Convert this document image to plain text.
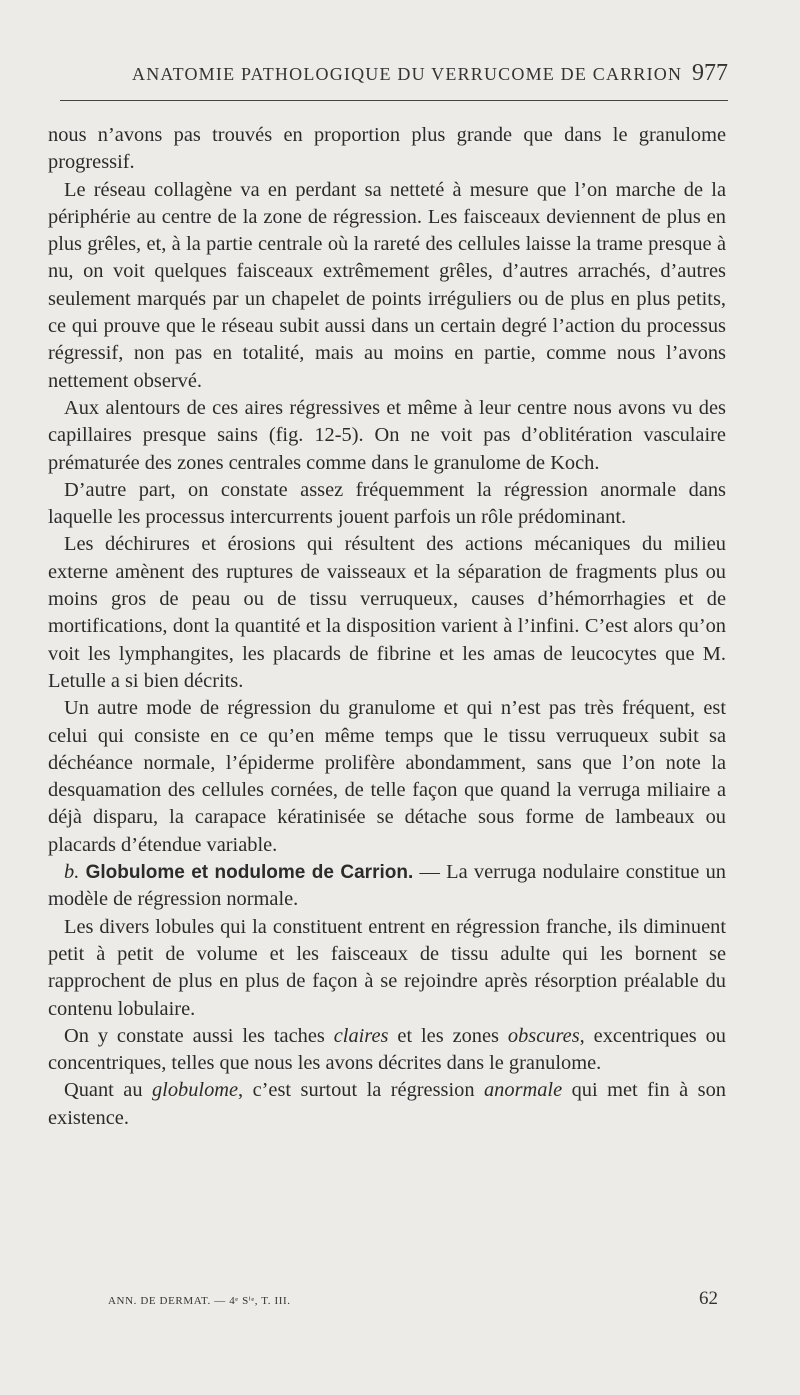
ANATOMIE PATHOLOGIQUE DU VERRUCOME DE CARRION 977

nous n’avons pas trouvés en proportion plus grande que dans le granulome progressif.

Le réseau collagène va en perdant sa netteté à mesure que l’on marche de la périphérie au centre de la zone de régression. Les faisceaux deviennent de plus en plus grêles, et, à la partie centrale où la rareté des cellules laisse la trame presque à nu, on voit quelques faisceaux extrêmement grêles, d’autres arrachés, d’autres seulement marqués par un chapelet de points irréguliers ou de plus en plus petits, ce qui prouve que le réseau subit aussi dans un certain degré l’action du processus régressif, non pas en totalité, mais au moins en partie, comme nous l’avons nettement observé.

Aux alentours de ces aires régressives et même à leur centre nous avons vu des capillaires presque sains (fig. 12-5). On ne voit pas d’oblitération vasculaire prématurée des zones centrales comme dans le granulome de Koch.

D’autre part, on constate assez fréquemment la régression anormale dans laquelle les processus intercurrents jouent parfois un rôle prédominant.

Les déchirures et érosions qui résultent des actions mécaniques du milieu externe amènent des ruptures de vaisseaux et la séparation de fragments plus ou moins gros de peau ou de tissu verruqueux, causes d’hémorrhagies et de mortifications, dont la quantité et la disposition varient à l’infini. C’est alors qu’on voit les lymphangites, les placards de fibrine et les amas de leucocytes que M. Letulle a si bien décrits.

Un autre mode de régression du granulome et qui n’est pas très fréquent, est celui qui consiste en ce qu’en même temps que le tissu verruqueux subit sa déchéance normale, l’épiderme prolifère abondamment, sans que l’on note la desquamation des cellules cornées, de telle façon que quand la verruga miliaire a déjà disparu, la carapace kératinisée se détache sous forme de lambeaux ou placards d’étendue variable.

b. Globulome et nodulome de Carrion. — La verruga nodulaire constitue un modèle de régression normale.

Les divers lobules qui la constituent entrent en régression franche, ils diminuent petit à petit de volume et les faisceaux de tissu adulte qui les bornent se rapprochent de plus en plus de façon à se rejoindre après résorption préalable du contenu lobulaire.

On y constate aussi les taches claires et les zones obscures, excentriques ou concentriques, telles que nous les avons décrites dans le granulome.

Quant au globulome, c’est surtout la régression anormale qui met fin à son existence.

ANN. DE DERMAT. — 4ᵉ Sⁱᵉ, T. III.	62
